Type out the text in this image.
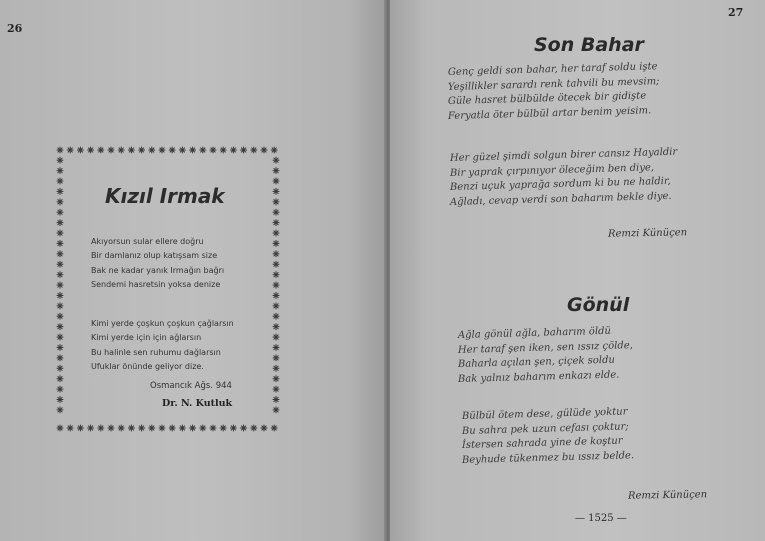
26
Kızıl Irmak
Akıyorsun sular ellere doğru
Bir damlanız olup katışsam size
Bak ne kadar yanık Irmağın bağrı
Sendemi hasretsin yoksa denize
Kimi yerde çoşkun çoşkun çağlarsın
Kimi yerde için için ağlarsın
Bu halinle sen ruhumu dağlarsın
Ufuklar önünde geliyor dize.
Osmancık Ağs. 944
Dr. N. Kutluk
27
Son Bahar
Genç geldi son bahar, her taraf soldu işte
Yeşillikler sarardı renk tahvili bu mevsim;
Güle hasret bülbülde ötecek bir gidişte
Feryatla öter bülbül artar benim yeisim.
Her güzel şimdi solgun birer cansız Hayaldir
Bir yaprak çırpınıyor öleceğim ben diye,
Benzi uçuk yaprağa sordum ki bu ne haldir,
Ağladı, cevap verdi son baharım bekle diye.
Remzi Künüçen
Gönül
Ağla gönül ağla, baharım öldü
Her taraf şen iken, sen ıssız çölde,
Baharla açılan şen, çiçek soldu
Bak yalnız baharım enkazı elde.
Bülbül ötem dese, gülüde yoktur
Bu sahra pek uzun cefası çoktur;
İstersen sahrada yine de koştur
Beyhude tükenmez bu ıssız belde.
Remzi Künüçen
— 1525 —
